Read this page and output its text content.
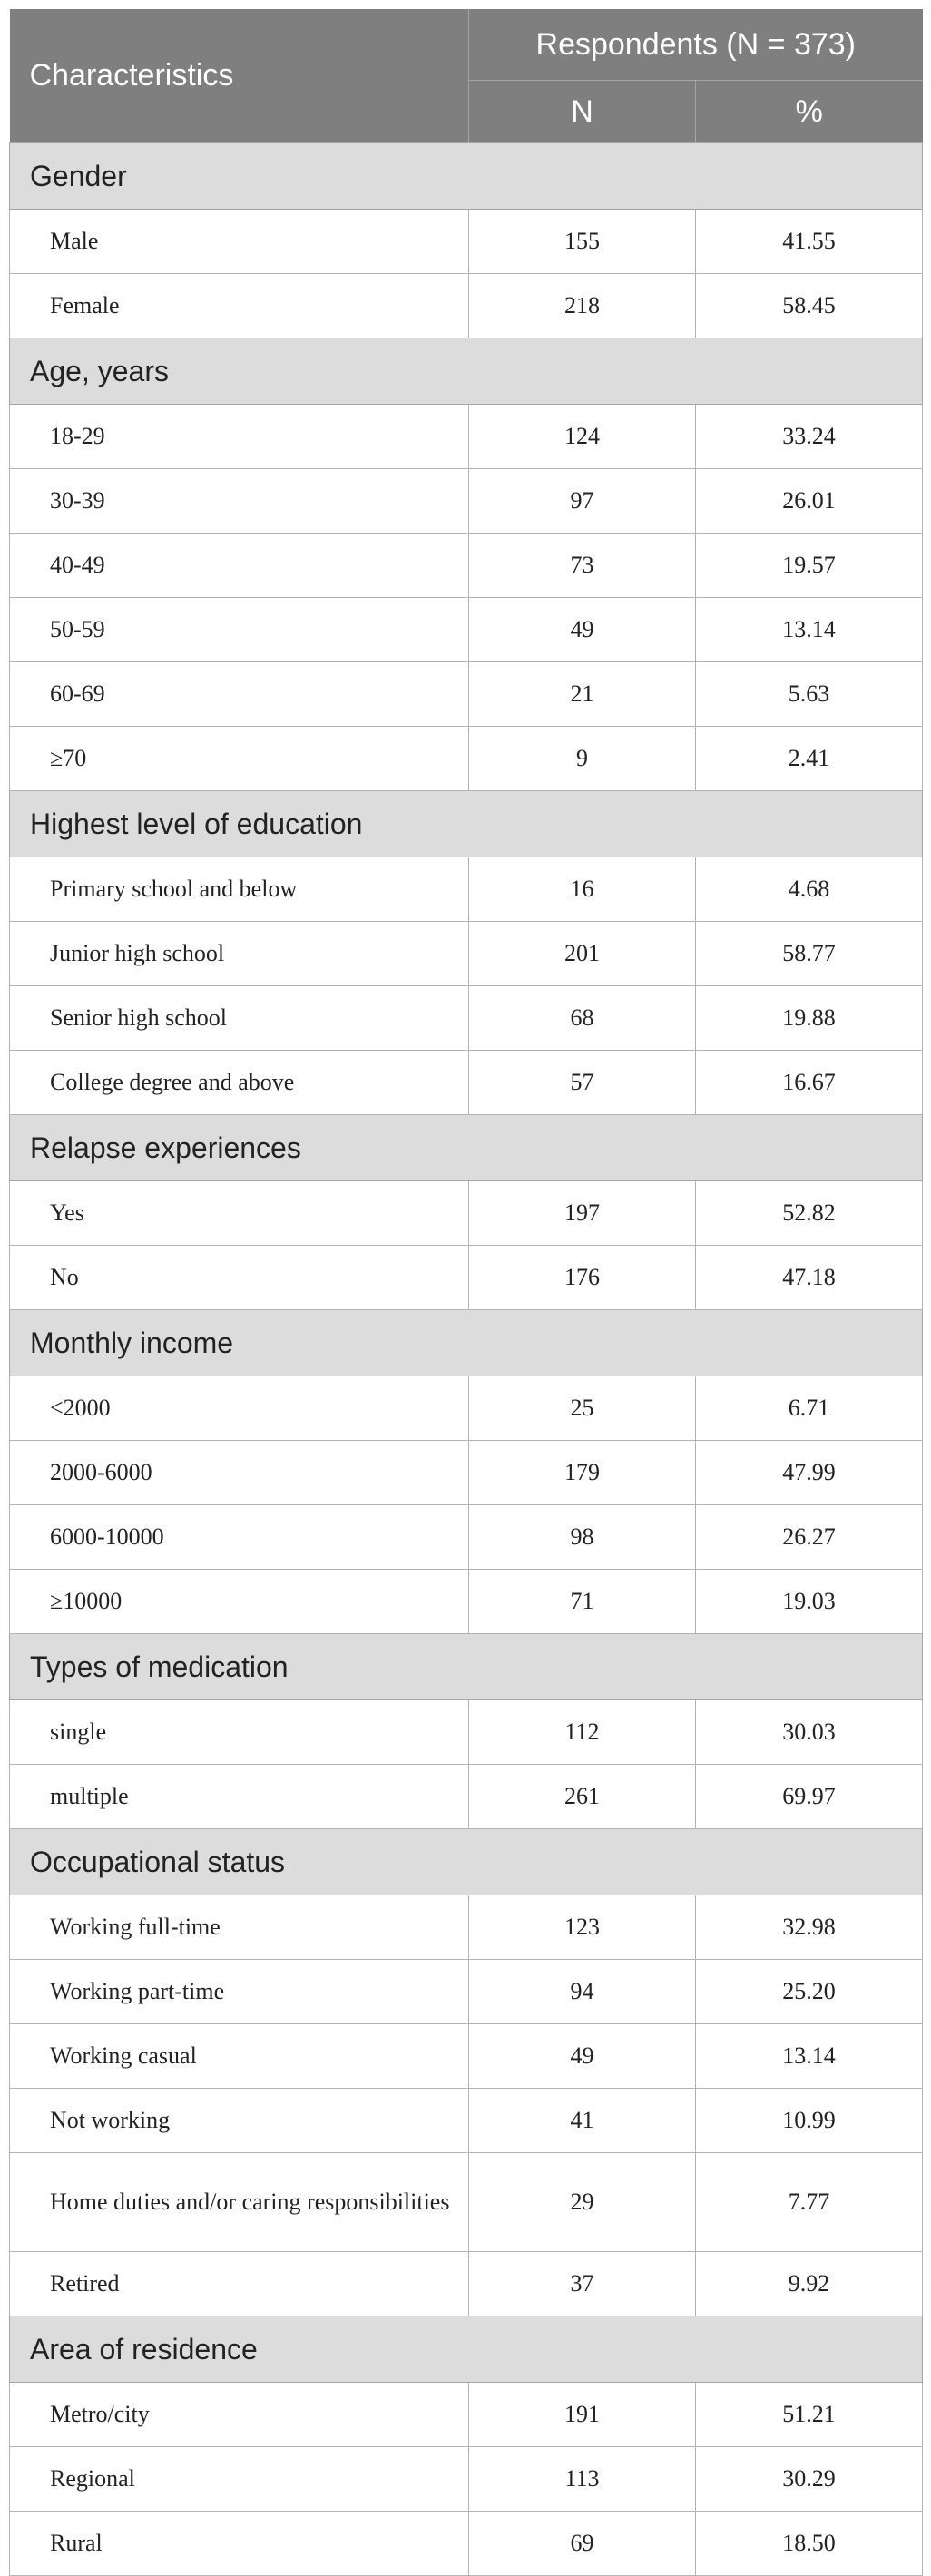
Characteristics	Respondents (N = 373)	
	N	%
Gender		
Male	155	41.55
Female	218	58.45
Age, years		
18-29	124	33.24
30-39	97	26.01
40-49	73	19.57
50-59	49	13.14
60-69	21	5.63
≥70	9	2.41
Highest level of education		
Primary school and below	16	4.68
Junior high school	201	58.77
Senior high school	68	19.88
College degree and above	57	16.67
Relapse experiences		
Yes	197	52.82
No	176	47.18
Monthly income		
<2000	25	6.71
2000-6000	179	47.99
6000-10000	98	26.27
≥10000	71	19.03
Types of medication		
single	112	30.03
multiple	261	69.97
Occupational status		
Working full-time	123	32.98
Working part-time	94	25.20
Working casual	49	13.14
Not working	41	10.99
Home duties and/or caring responsibilities	29	7.77
Retired	37	9.92
Area of residence		
Metro/city	191	51.21
Regional	113	30.29
Rural	69	18.50
